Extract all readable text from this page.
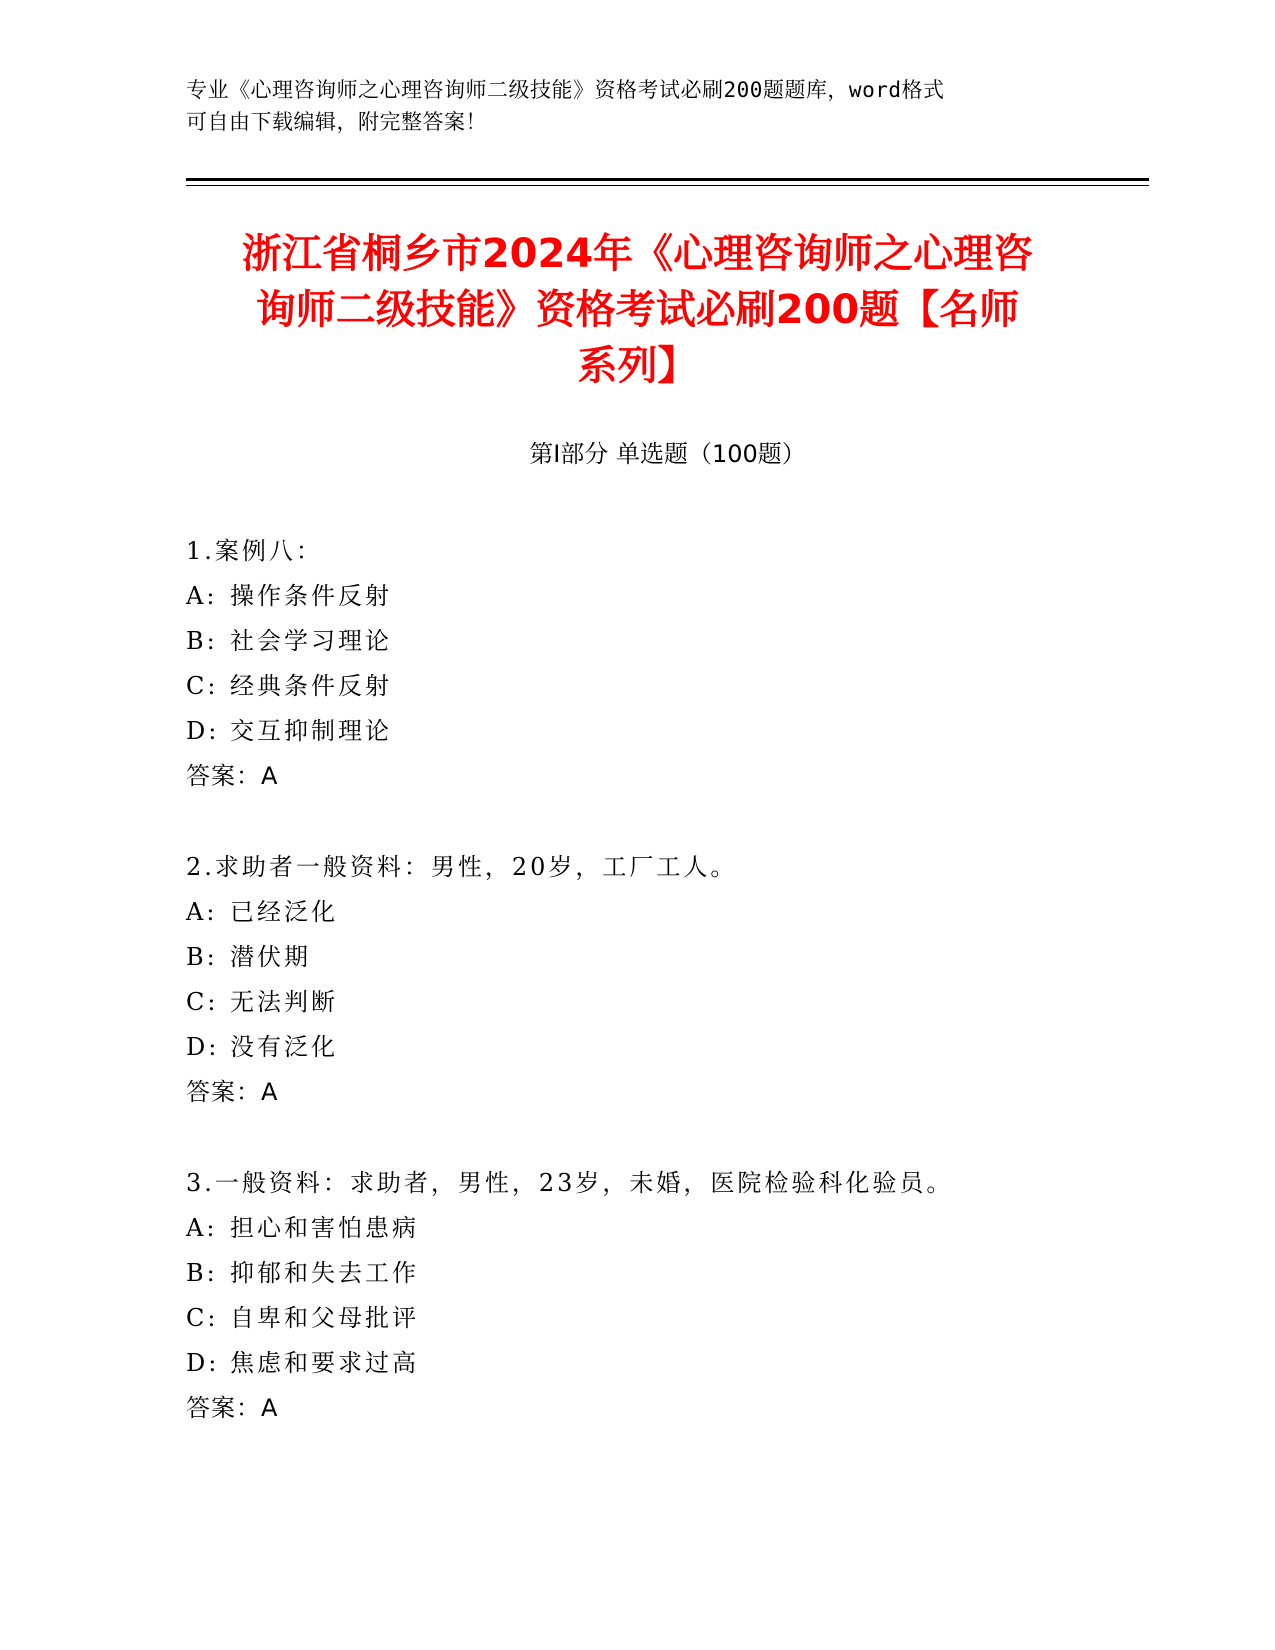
专业《心理咨询师之心理咨询师二级技能》资格考试必刷200题题库，word格式
可自由下载编辑，附完整答案！
浙江省桐乡市2024年《心理咨询师之心理咨
询师二级技能》资格考试必刷200题【名师
系列】
第Ⅰ部分 单选题（100题）
1.案例八：
A: 操作条件反射
B: 社会学习理论
C: 经典条件反射
D: 交互抑制理论
答案：A
2.求助者一般资料：男性，20岁，工厂工人。
A: 已经泛化
B: 潜伏期
C: 无法判断
D: 没有泛化
答案：A
3.一般资料：求助者，男性，23岁，未婚，医院检验科化验员。
A: 担心和害怕患病
B: 抑郁和失去工作
C: 自卑和父母批评
D: 焦虑和要求过高
答案：A
